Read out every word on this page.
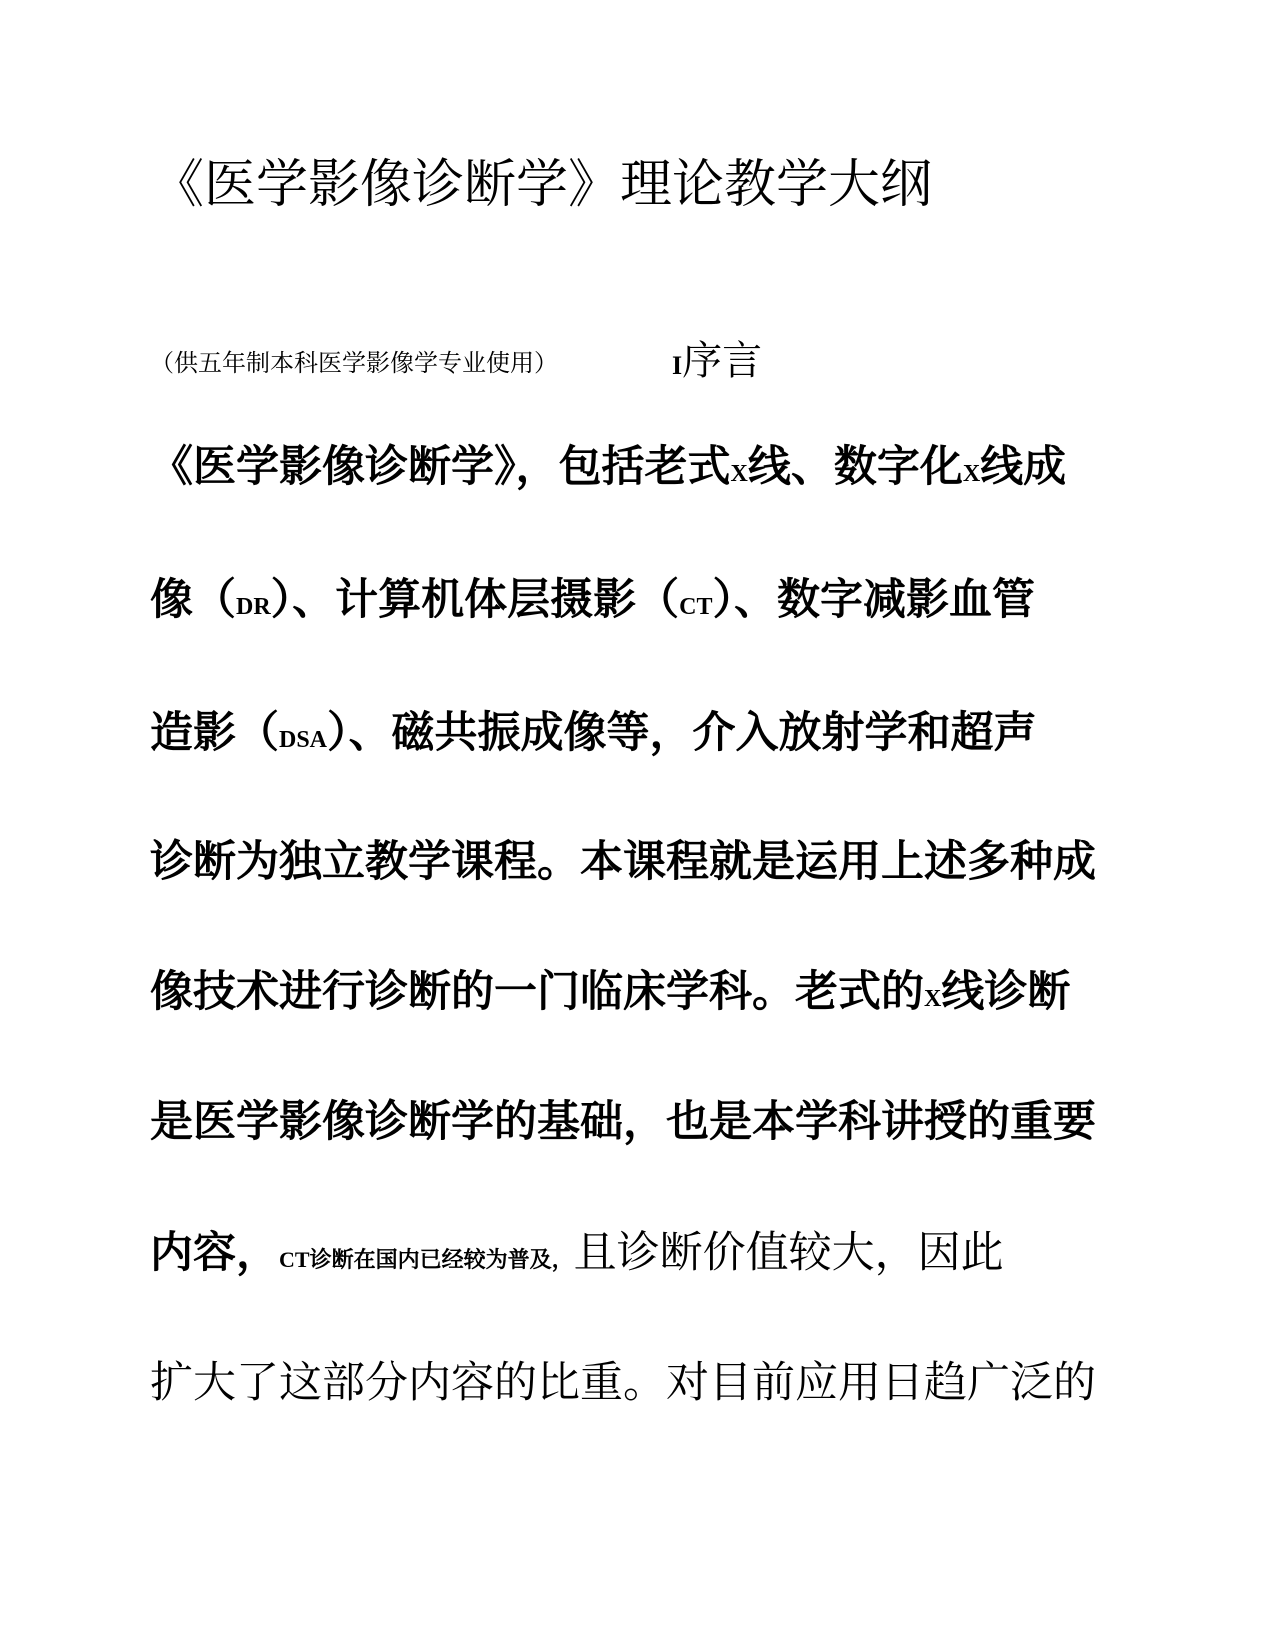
《医学影像诊断学》理论教学大纲
（供五年制本科医学影像学专业使用）	I序言
《医学影像诊断学》，包括老式X线、数字化X线成
像（DR）、计算机体层摄影（CT）、数字减影血管
造影（DSA）、磁共振成像等，介入放射学和超声
诊断为独立教学课程。本课程就是运用上述多种成
像技术进行诊断的一门临床学科。老式的X线诊断
是医学影像诊断学的基础，也是本学科讲授的重要
内容，CT诊断在国内已经较为普及，且诊断价值较大，因此
扩大了这部分内容的比重。对目前应用日趋广泛的
